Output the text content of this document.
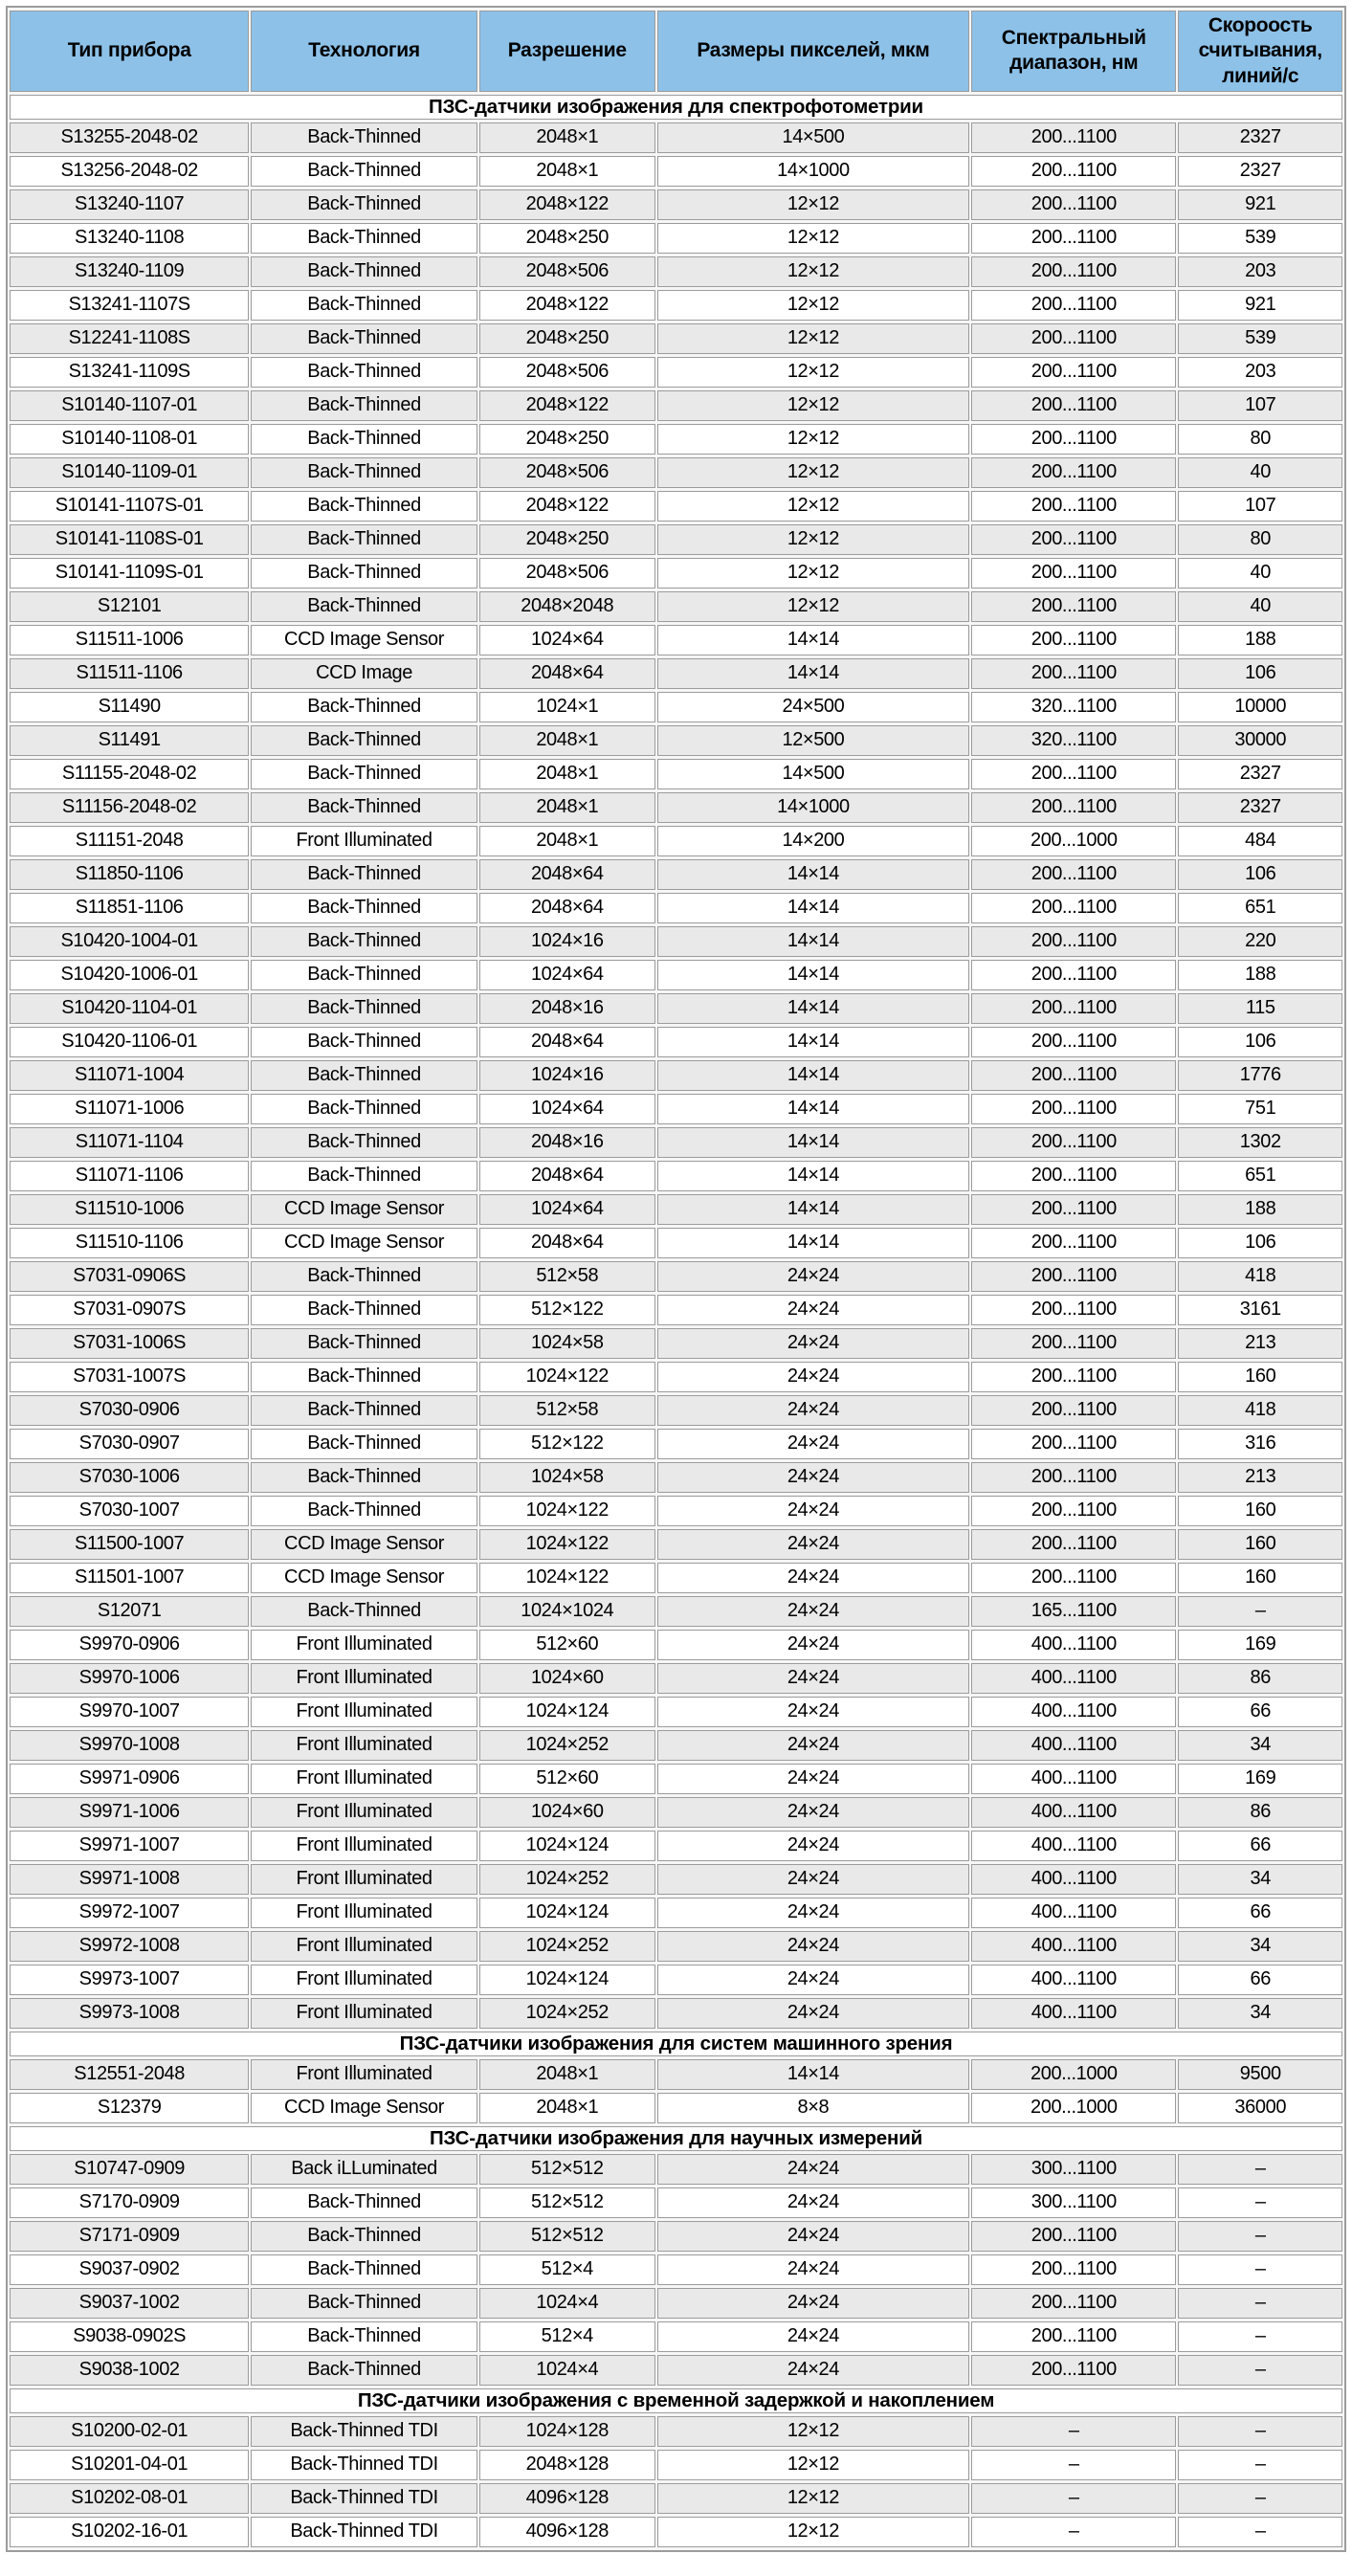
Тип прибора	Технология	Разрешение	Размеры пикселей, мкм	Спектральный диапазон, нм	Скороость считывания, линий/с
ПЗС-датчики изображения для спектрофотометрии					
S13255-2048-02	Back-Thinned	2048×1	14×500	200...1100	2327
S13256-2048-02	Back-Thinned	2048×1	14×1000	200...1100	2327
S13240-1107	Back-Thinned	2048×122	12×12	200...1100	921
S13240-1108	Back-Thinned	2048×250	12×12	200...1100	539
S13240-1109	Back-Thinned	2048×506	12×12	200...1100	203
S13241-1107S	Back-Thinned	2048×122	12×12	200...1100	921
S12241-1108S	Back-Thinned	2048×250	12×12	200...1100	539
S13241-1109S	Back-Thinned	2048×506	12×12	200...1100	203
S10140-1107-01	Back-Thinned	2048×122	12×12	200...1100	107
S10140-1108-01	Back-Thinned	2048×250	12×12	200...1100	80
S10140-1109-01	Back-Thinned	2048×506	12×12	200...1100	40
S10141-1107S-01	Back-Thinned	2048×122	12×12	200...1100	107
S10141-1108S-01	Back-Thinned	2048×250	12×12	200...1100	80
S10141-1109S-01	Back-Thinned	2048×506	12×12	200...1100	40
S12101	Back-Thinned	2048×2048	12×12	200...1100	40
S11511-1006	CCD Image Sensor	1024×64	14×14	200...1100	188
S11511-1106	CCD Image	2048×64	14×14	200...1100	106
S11490	Back-Thinned	1024×1	24×500	320...1100	10000
S11491	Back-Thinned	2048×1	12×500	320...1100	30000
S11155-2048-02	Back-Thinned	2048×1	14×500	200...1100	2327
S11156-2048-02	Back-Thinned	2048×1	14×1000	200...1100	2327
S11151-2048	Front Illuminated	2048×1	14×200	200...1000	484
S11850-1106	Back-Thinned	2048×64	14×14	200...1100	106
S11851-1106	Back-Thinned	2048×64	14×14	200...1100	651
S10420-1004-01	Back-Thinned	1024×16	14×14	200...1100	220
S10420-1006-01	Back-Thinned	1024×64	14×14	200...1100	188
S10420-1104-01	Back-Thinned	2048×16	14×14	200...1100	115
S10420-1106-01	Back-Thinned	2048×64	14×14	200...1100	106
S11071-1004	Back-Thinned	1024×16	14×14	200...1100	1776
S11071-1006	Back-Thinned	1024×64	14×14	200...1100	751
S11071-1104	Back-Thinned	2048×16	14×14	200...1100	1302
S11071-1106	Back-Thinned	2048×64	14×14	200...1100	651
S11510-1006	CCD Image Sensor	1024×64	14×14	200...1100	188
S11510-1106	CCD Image Sensor	2048×64	14×14	200...1100	106
S7031-0906S	Back-Thinned	512×58	24×24	200...1100	418
S7031-0907S	Back-Thinned	512×122	24×24	200...1100	3161
S7031-1006S	Back-Thinned	1024×58	24×24	200...1100	213
S7031-1007S	Back-Thinned	1024×122	24×24	200...1100	160
S7030-0906	Back-Thinned	512×58	24×24	200...1100	418
S7030-0907	Back-Thinned	512×122	24×24	200...1100	316
S7030-1006	Back-Thinned	1024×58	24×24	200...1100	213
S7030-1007	Back-Thinned	1024×122	24×24	200...1100	160
S11500-1007	CCD Image Sensor	1024×122	24×24	200...1100	160
S11501-1007	CCD Image Sensor	1024×122	24×24	200...1100	160
S12071	Back-Thinned	1024×1024	24×24	165...1100	–
S9970-0906	Front Illuminated	512×60	24×24	400...1100	169
S9970-1006	Front Illuminated	1024×60	24×24	400...1100	86
S9970-1007	Front Illuminated	1024×124	24×24	400...1100	66
S9970-1008	Front Illuminated	1024×252	24×24	400...1100	34
S9971-0906	Front Illuminated	512×60	24×24	400...1100	169
S9971-1006	Front Illuminated	1024×60	24×24	400...1100	86
S9971-1007	Front Illuminated	1024×124	24×24	400...1100	66
S9971-1008	Front Illuminated	1024×252	24×24	400...1100	34
S9972-1007	Front Illuminated	1024×124	24×24	400...1100	66
S9972-1008	Front Illuminated	1024×252	24×24	400...1100	34
S9973-1007	Front Illuminated	1024×124	24×24	400...1100	66
S9973-1008	Front Illuminated	1024×252	24×24	400...1100	34
ПЗС-датчики изображения для систем машинного зрения					
S12551-2048	Front Illuminated	2048×1	14×14	200...1000	9500
S12379	CCD Image Sensor	2048×1	8×8	200...1000	36000
ПЗС-датчики изображения для научных измерений					
S10747-0909	Back iLLuminated	512×512	24×24	300...1100	–
S7170-0909	Back-Thinned	512×512	24×24	300...1100	–
S7171-0909	Back-Thinned	512×512	24×24	200...1100	–
S9037-0902	Back-Thinned	512×4	24×24	200...1100	–
S9037-1002	Back-Thinned	1024×4	24×24	200...1100	–
S9038-0902S	Back-Thinned	512×4	24×24	200...1100	–
S9038-1002	Back-Thinned	1024×4	24×24	200...1100	–
ПЗС-датчики изображения с временной задержкой и накоплением					
S10200-02-01	Back-Thinned TDI	1024×128	12×12	–	–
S10201-04-01	Back-Thinned TDI	2048×128	12×12	–	–
S10202-08-01	Back-Thinned TDI	4096×128	12×12	–	–
S10202-16-01	Back-Thinned TDI	4096×128	12×12	–	–
